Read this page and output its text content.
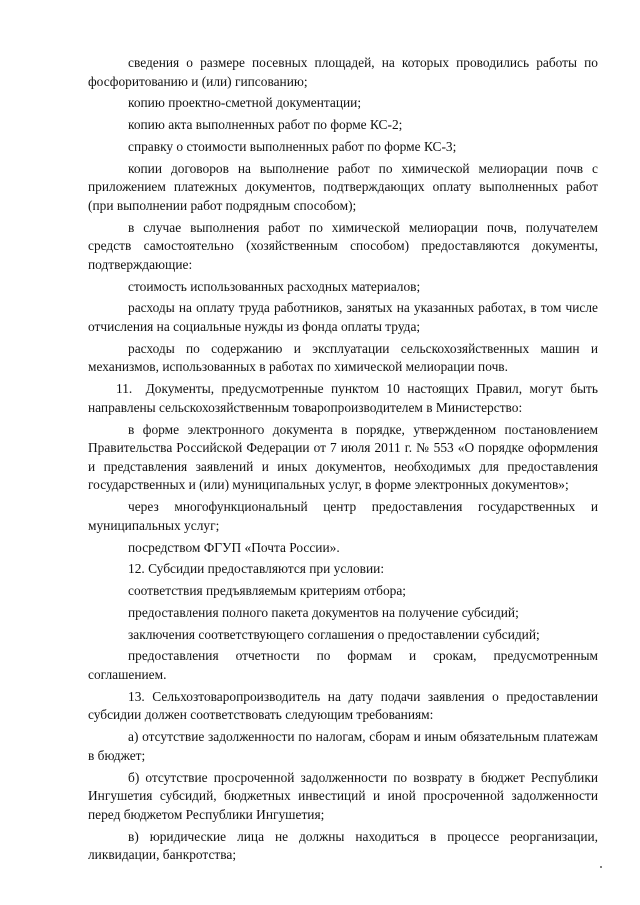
сведения о размере посевных площадей, на которых проводились работы по фосфоритованию и (или) гипсованию;

копию проектно-сметной документации;

копию акта выполненных работ по форме КС-2;

справку о стоимости выполненных работ по форме КС-3;

копии договоров на выполнение работ по химической мелиорации почв с приложением платежных документов, подтверждающих оплату выполненных работ (при выполнении работ подрядным способом);

в случае выполнения работ по химической мелиорации почв, получателем средств самостоятельно (хозяйственным способом) предоставляются документы, подтверждающие:

стоимость использованных расходных материалов;

расходы на оплату труда работников, занятых на указанных работах, в том числе отчисления на социальные нужды из фонда оплаты труда;

расходы по содержанию и эксплуатации сельскохозяйственных машин и механизмов, использованных в работах по химической мелиорации почв.

11. Документы, предусмотренные пунктом 10 настоящих Правил, могут быть направлены сельскохозяйственным товаропроизводителем в Министерство:

в форме электронного документа в порядке, утвержденном постановлением Правительства Российской Федерации от 7 июля 2011 г. № 553 «О порядке оформления и представления заявлений и иных документов, необходимых для предоставления государственных и (или) муниципальных услуг, в форме электронных документов»;

через многофункциональный центр предоставления государственных и муниципальных услуг;

посредством ФГУП «Почта России».

12. Субсидии предоставляются при условии:

соответствия предъявляемым критериям отбора;

предоставления полного пакета документов на получение субсидий;

заключения соответствующего соглашения о предоставлении субсидий;

предоставления отчетности по формам и срокам, предусмотренным соглашением.

13. Сельхозтоваропроизводитель на дату подачи заявления о предоставлении субсидии должен соответствовать следующим требованиям:

а) отсутствие задолженности по налогам, сборам и иным обязательным платежам в бюджет;

б) отсутствие просроченной задолженности по возврату в бюджет Республики Ингушетия субсидий, бюджетных инвестиций и иной просроченной задолженности перед бюджетом Республики Ингушетия;

в) юридические лица не должны находиться в процессе реорганизации, ликвидации, банкротства;
